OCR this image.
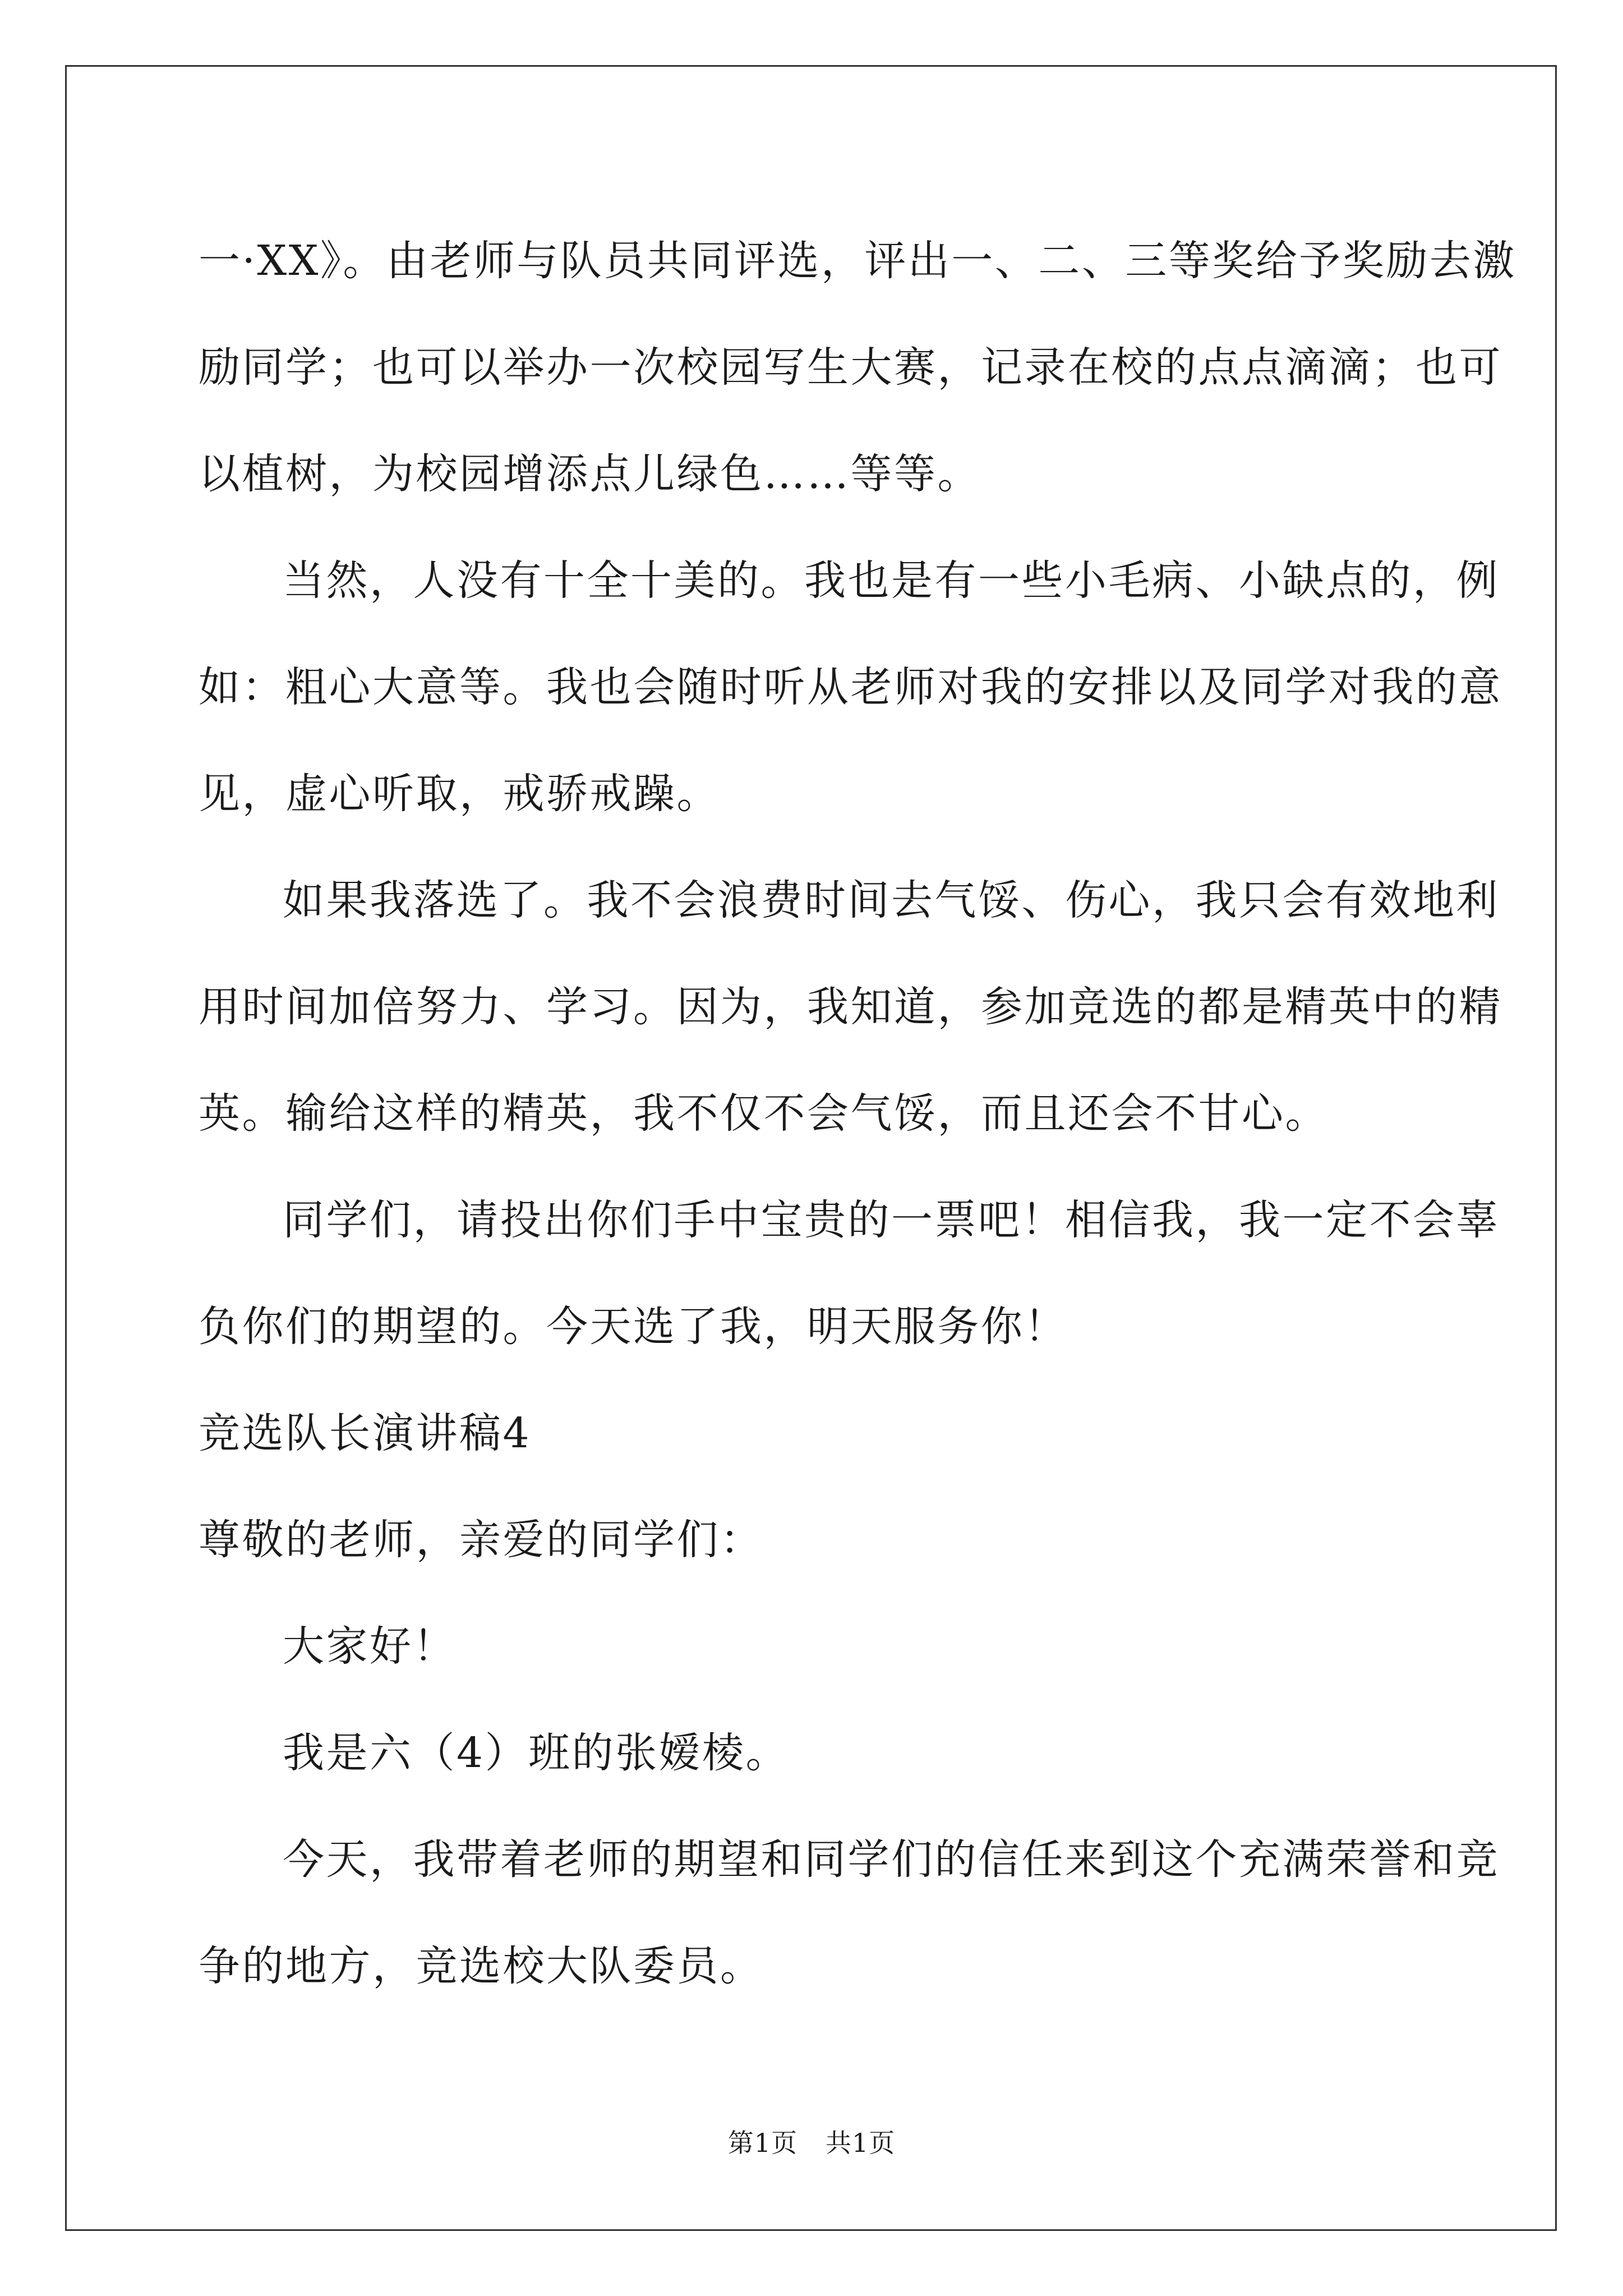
一·XX》。由老师与队员共同评选，评出一、二、三等奖给予奖励去激
励同学；也可以举办一次校园写生大赛，记录在校的点点滴滴；也可
以植树，为校园增添点儿绿色……等等。
当然，人没有十全十美的。我也是有一些小毛病、小缺点的，例
如：粗心大意等。我也会随时听从老师对我的安排以及同学对我的意
见，虚心听取，戒骄戒躁。
如果我落选了。我不会浪费时间去气馁、伤心，我只会有效地利
用时间加倍努力、学习。因为，我知道，参加竞选的都是精英中的精
英。输给这样的精英，我不仅不会气馁，而且还会不甘心。
同学们，请投出你们手中宝贵的一票吧！相信我，我一定不会辜
负你们的期望的。今天选了我，明天服务你！
竞选队长演讲稿4
尊敬的老师，亲爱的同学们：
大家好！
我是六（4）班的张嫒棱。
今天，我带着老师的期望和同学们的信任来到这个充满荣誉和竞
争的地方，竞选校大队委员。
第1页 共1页
